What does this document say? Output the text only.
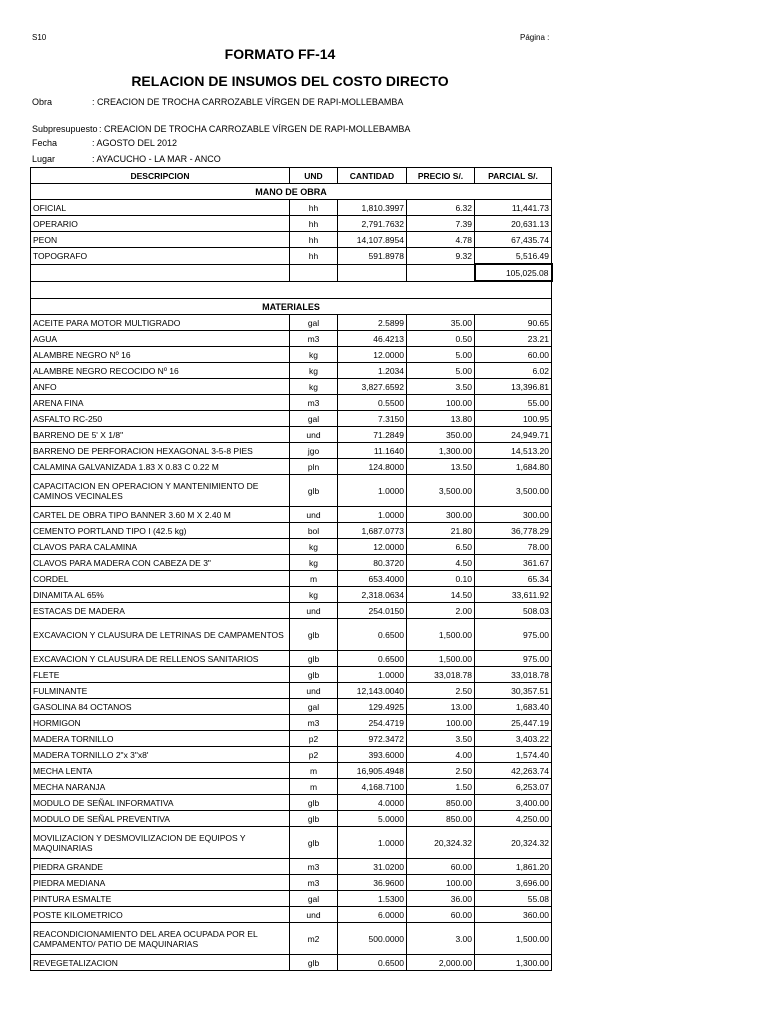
S10	Página :
FORMATO FF-14
RELACION DE INSUMOS DEL COSTO DIRECTO
Obra	: CREACION DE TROCHA CARROZABLE VÍRGEN DE RAPI-MOLLEBAMBA
Subpresupuesto : CREACION DE TROCHA CARROZABLE VÍRGEN DE RAPI-MOLLEBAMBA
Fecha	: AGOSTO DEL 2012
Lugar	: AYACUCHO - LA MAR - ANCO
DESCRIPCION	UND	CANTIDAD	PRECIO S/.	PARCIAL S/.
MANO DE OBRA				
OFICIAL	hh	1,810.3997	6.32	11,441.73
OPERARIO	hh	2,791.7632	7.39	20,631.13
PEON	hh	14,107.8954	4.78	67,435.74
TOPOGRAFO	hh	591.8978	9.32	5,516.49
				105,025.08

MATERIALES				
ACEITE PARA MOTOR MULTIGRADO	gal	2.5899	35.00	90.65
AGUA	m3	46.4213	0.50	23.21
ALAMBRE NEGRO Nº 16	kg	12.0000	5.00	60.00
ALAMBRE NEGRO RECOCIDO Nº 16	kg	1.2034	5.00	6.02
ANFO	kg	3,827.6592	3.50	13,396.81
ARENA FINA	m3	0.5500	100.00	55.00
ASFALTO RC-250	gal	7.3150	13.80	100.95
BARRENO DE 5' X 1/8"	und	71.2849	350.00	24,949.71
BARRENO DE PERFORACION HEXAGONAL 3-5-8 PIES	jgo	11.1640	1,300.00	14,513.20
CALAMINA GALVANIZADA 1.83 X 0.83 C 0.22 M	pln	124.8000	13.50	1,684.80
CAPACITACION EN OPERACION Y MANTENIMIENTO DE CAMINOS VECINALES	glb	1.0000	3,500.00	3,500.00
CARTEL DE OBRA TIPO BANNER 3.60 M X 2.40 M	und	1.0000	300.00	300.00
CEMENTO PORTLAND TIPO I (42.5 kg)	bol	1,687.0773	21.80	36,778.29
CLAVOS PARA CALAMINA	kg	12.0000	6.50	78.00
CLAVOS PARA MADERA CON CABEZA DE 3"	kg	80.3720	4.50	361.67
CORDEL	m	653.4000	0.10	65.34
DINAMITA AL 65%	kg	2,318.0634	14.50	33,611.92
ESTACAS DE MADERA	und	254.0150	2.00	508.03
EXCAVACION Y CLAUSURA DE LETRINAS DE CAMPAMENTOS	glb	0.6500	1,500.00	975.00
EXCAVACION Y CLAUSURA DE RELLENOS SANITARIOS	glb	0.6500	1,500.00	975.00
FLETE	glb	1.0000	33,018.78	33,018.78
FULMINANTE	und	12,143.0040	2.50	30,357.51
GASOLINA 84 OCTANOS	gal	129.4925	13.00	1,683.40
HORMIGON	m3	254.4719	100.00	25,447.19
MADERA TORNILLO	p2	972.3472	3.50	3,403.22
MADERA TORNILLO 2"x 3"x8'	p2	393.6000	4.00	1,574.40
MECHA LENTA	m	16,905.4948	2.50	42,263.74
MECHA NARANJA	m	4,168.7100	1.50	6,253.07
MODULO DE SEÑAL INFORMATIVA	glb	4.0000	850.00	3,400.00
MODULO DE SEÑAL PREVENTIVA	glb	5.0000	850.00	4,250.00
MOVILIZACION Y DESMOVILIZACION DE EQUIPOS Y MAQUINARIAS	glb	1.0000	20,324.32	20,324.32
PIEDRA GRANDE	m3	31.0200	60.00	1,861.20
PIEDRA MEDIANA	m3	36.9600	100.00	3,696.00
PINTURA ESMALTE	gal	1.5300	36.00	55.08
POSTE KILOMETRICO	und	6.0000	60.00	360.00
REACONDICIONAMIENTO DEL AREA OCUPADA POR EL CAMPAMENTO/ PATIO DE MAQUINARIAS	m2	500.0000	3.00	1,500.00
REVEGETALIZACION	glb	0.6500	2,000.00	1,300.00
